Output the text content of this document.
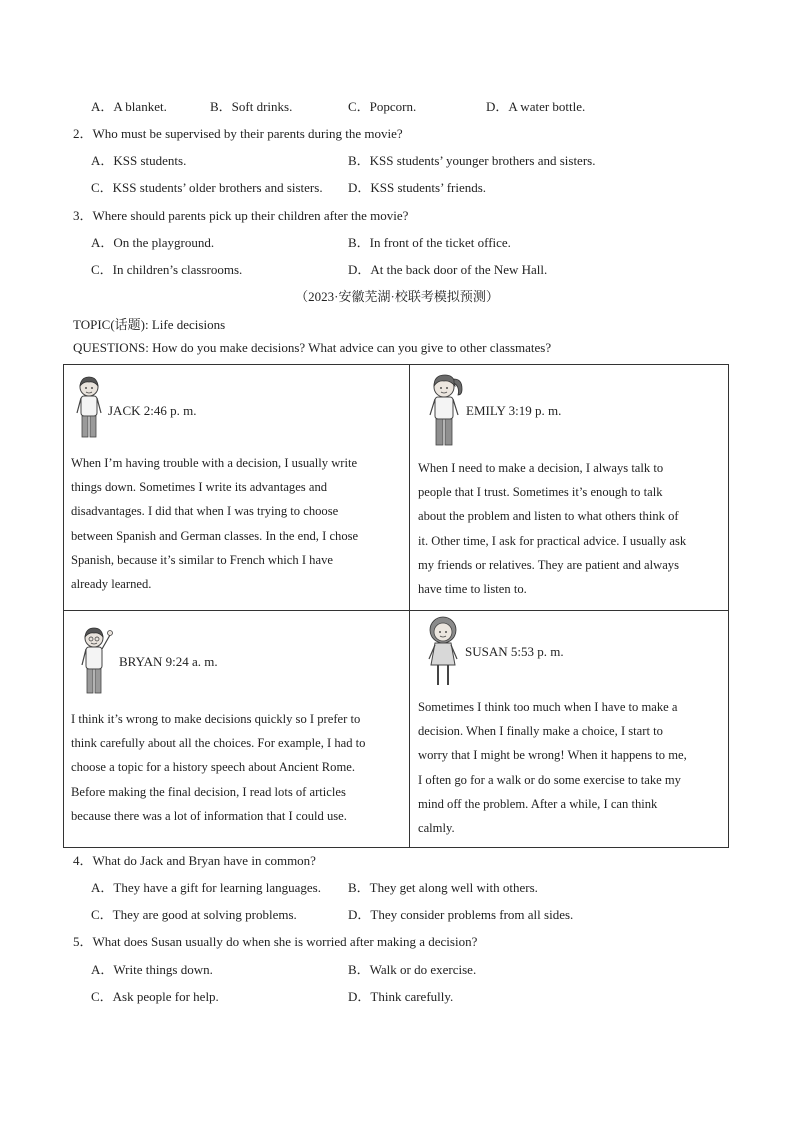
A．A blanket.	B．Soft drinks.	C．Popcorn.	D．A water bottle.
2．Who must be supervised by their parents during the movie?
A．KSS students.	B．KSS students’ younger brothers and sisters.
C．KSS students’ older brothers and sisters. D．KSS students’ friends.
3．Where should parents pick up their children after the movie?
A．On the playground.	B．In front of the ticket office.
C．In children’s classrooms.	D．At the back door of the New Hall.
（2023·安徽芜湖·校联考模拟预测）
TOPIC(话题): Life decisions
QUESTIONS: How do you make decisions? What advice can you give to other classmates?
JACK 2:46 p. m.
When I’m having trouble with a decision, I usually write
things down. Sometimes I write its advantages and
disadvantages. I did that when I was trying to choose
between Spanish and German classes. In the end, I chose
Spanish, because it’s similar to French which I have
already learned.
EMILY 3:19 p. m.
When I need to make a decision, I always talk to
people that I trust. Sometimes it’s enough to talk
about the problem and listen to what others think of
it. Other time, I ask for practical advice. I usually ask
my friends or relatives. They are patient and always
have time to listen to.
BRYAN 9:24 a. m.
I think it’s wrong to make decisions quickly so I prefer to
think carefully about all the choices. For example, I had to
choose a topic for a history speech about Ancient Rome.
Before making the final decision, I read lots of articles
because there was a lot of information that I could use.
SUSAN 5:53 p. m.
Sometimes I think too much when I have to make a
decision. When I finally make a choice, I start to
worry that I might be wrong! When it happens to me,
I often go for a walk or do some exercise to take my
mind off the problem. After a while, I can think
calmly.
4．What do Jack and Bryan have in common?
A．They have a gift for learning languages. B．They get along well with others.
C．They are good at solving problems.	D．They consider problems from all sides.
5．What does Susan usually do when she is worried after making a decision?
A．Write things down.	B．Walk or do exercise.
C．Ask people for help.	D．Think carefully.
